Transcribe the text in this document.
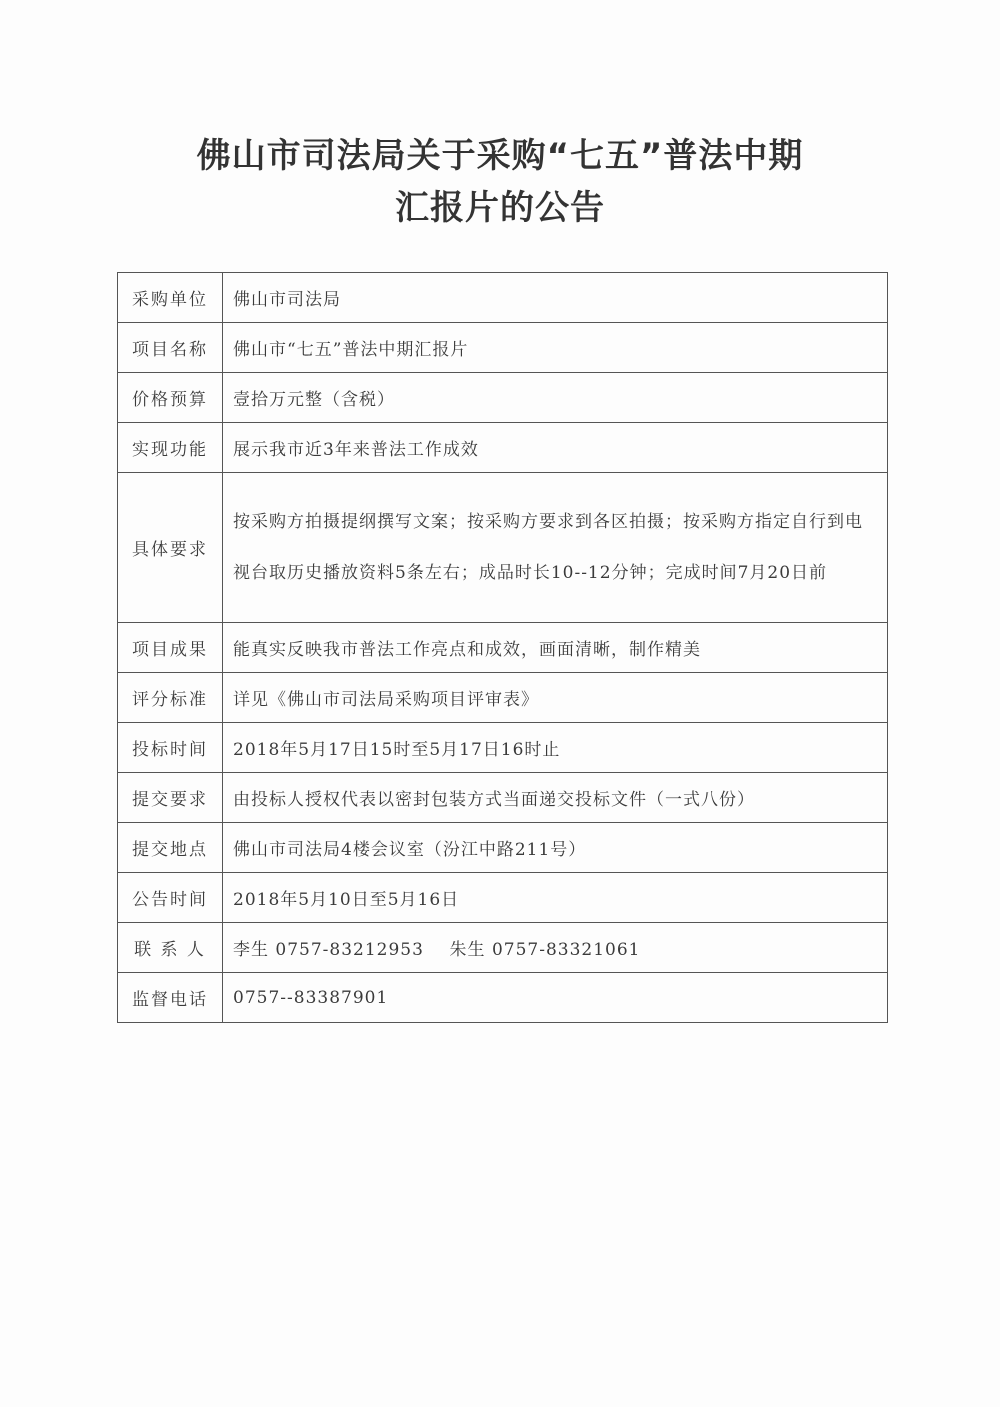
佛山市司法局关于采购“七五”普法中期
汇报片的公告
采购单位	佛山市司法局
项目名称	佛山市“七五”普法中期汇报片
价格预算	壹拾万元整（含税）
实现功能	展示我市近3年来普法工作成效
具体要求	按采购方拍摄提纲撰写文案；按采购方要求到各区拍摄；按采购方指定自行到电视台取历史播放资料5条左右；成品时长10--12分钟；完成时间7月20日前
项目成果	能真实反映我市普法工作亮点和成效，画面清晰，制作精美
评分标准	详见《佛山市司法局采购项目评审表》
投标时间	2018年5月17日15时至5月17日16时止
提交要求	由投标人授权代表以密封包装方式当面递交投标文件（一式八份）
提交地点	佛山市司法局4楼会议室（汾江中路211号）
公告时间	2018年5月10日至5月16日
联 系 人	李生 0757-83212953    朱生 0757-83321061
监督电话	0757--83387901
